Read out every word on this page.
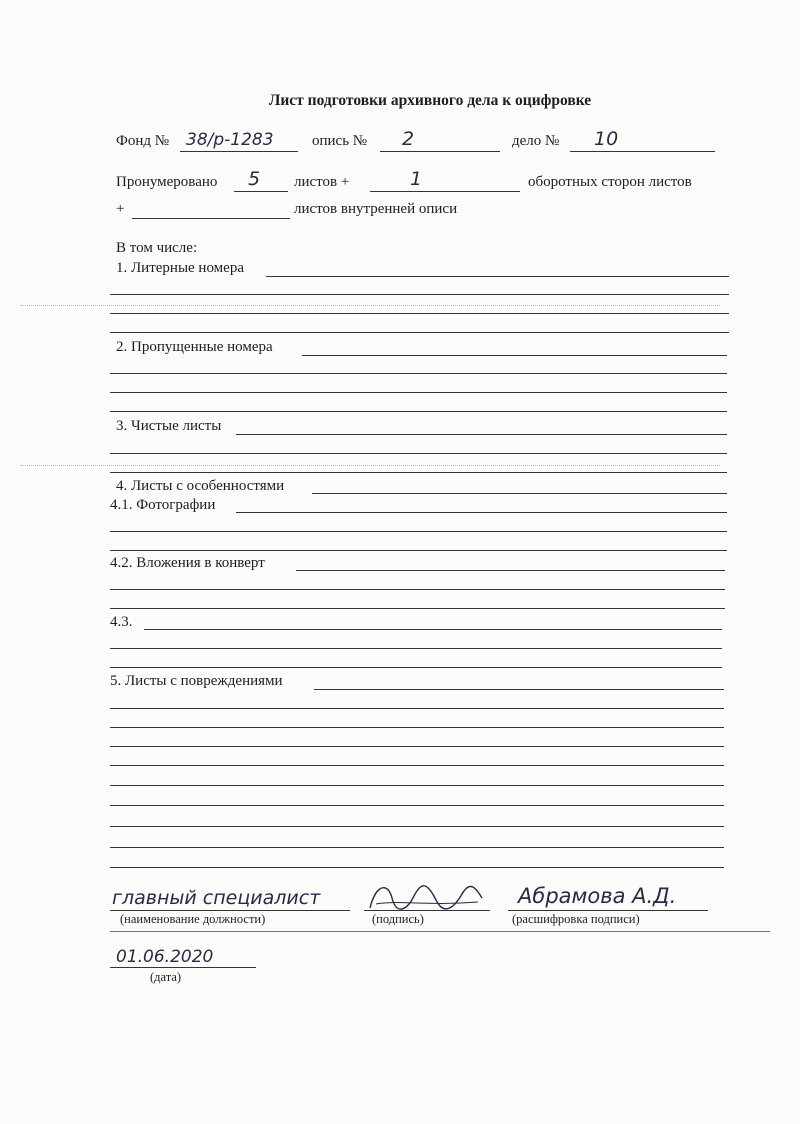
Лист подготовки архивного дела к оцифровке
Фонд № 38/р-1283	опись № 2	дело № 10
Пронумеровано 5 листов +	1	оборотных сторон листов
+	листов внутренней описи
В том числе:
1. Литерные номера
2. Пропущенные номера
3. Чистые листы
4. Листы с особенностями
4.1. Фотографии
4.2. Вложения в конверт
4.3.
5. Листы с повреждениями
главный специалист
(наименование должности)	(подпись)
Абрамова А.Д.
(расшифровка подписи)
01.06.2020
(дата)
